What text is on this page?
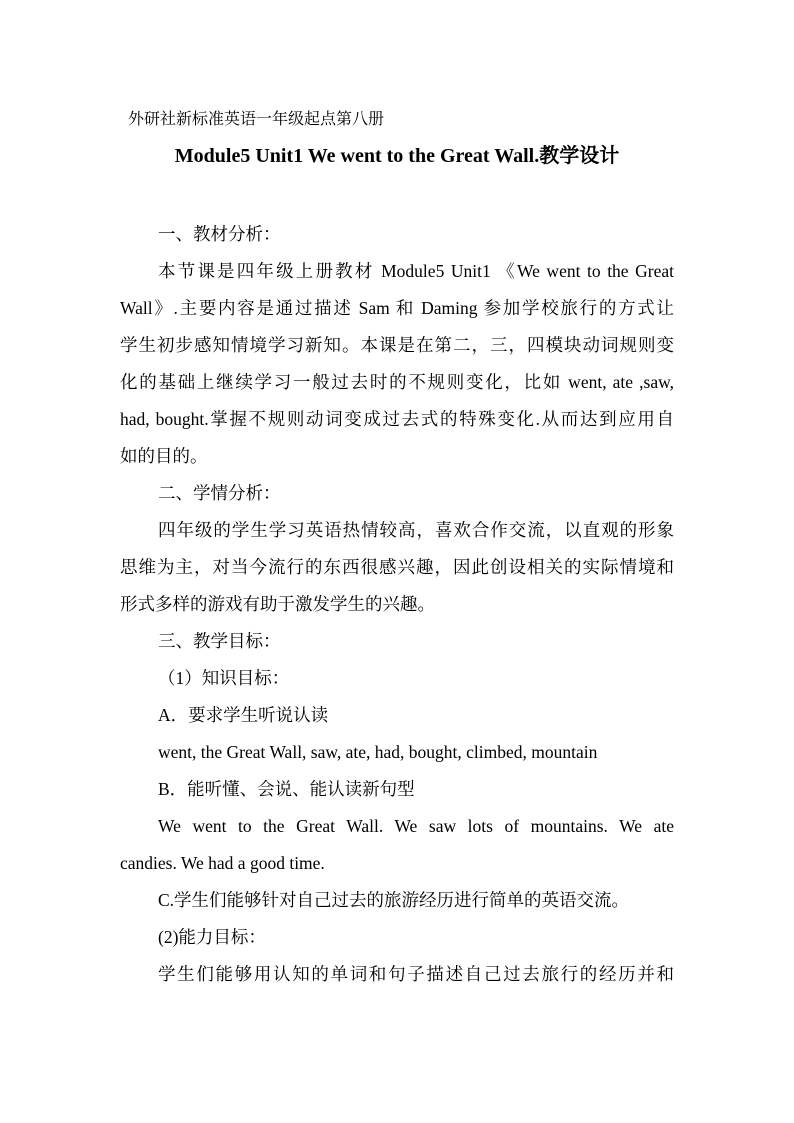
外研社新标准英语一年级起点第八册
Module5 Unit1 We went to the Great Wall.教学设计
一、教材分析：
本节课是四年级上册教材 Module5 Unit1 《We went to the Great
Wall》.主要内容是通过描述 Sam 和 Daming 参加学校旅行的方式让
学生初步感知情境学习新知。本课是在第二，三，四模块动词规则变
化的基础上继续学习一般过去时的不规则变化，比如 went, ate ,saw,
had, bought.掌握不规则动词变成过去式的特殊变化.从而达到应用自
如的目的。
二、学情分析：
四年级的学生学习英语热情较高，喜欢合作交流，以直观的形象
思维为主，对当今流行的东西很感兴趣，因此创设相关的实际情境和
形式多样的游戏有助于激发学生的兴趣。
三、教学目标：
（1）知识目标：
A．要求学生听说认读
went, the Great Wall, saw, ate, had, bought, climbed, mountain
B．能听懂、会说、能认读新句型
We went to the Great Wall. We saw lots of mountains. We ate
candies. We had a good time.
C.学生们能够针对自己过去的旅游经历进行简单的英语交流。
(2)能力目标：
学生们能够用认知的单词和句子描述自己过去旅行的经历并和
